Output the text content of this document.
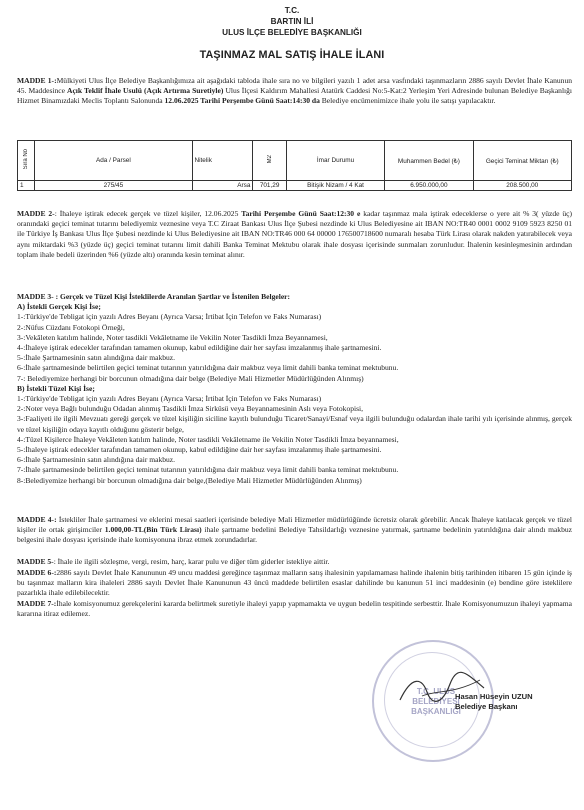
T.C.
BARTIN İLİ
ULUS İLÇE BELEDİYE BAŞKANLIĞI
TAŞINMAZ MAL SATIŞ İHALE İLANI

MADDE 1-:Mülkiyeti Ulus İlçe Belediye Başkanlığımıza ait aşağıdaki tabloda ihale sıra no ve bilgileri yazılı 1 adet arsa vasfındaki taşınmazların 2886 sayılı Devlet İhale Kanunun 45. Maddesince Açık Teklif İhale Usulü (Açık Artırma Suretiyle) Ulus İlçesi Kaldırım Mahallesi Atatürk Caddesi No:5-Kat:2 Yerleşim Yeri Adresinde bulunan Belediye Başkanlığı Hizmet Binamızdaki Meclis Toplantı Salonunda 12.06.2025 Tarihi Perşembe Günü Saat:14:30 da Belediye encümenimizce ihale yolu ile satışı yapılacaktır.

Sıra No	Ada / Parsel	Nitelik	M2	İmar Durumu	Muhammen Bedel (₺)	Geçici Teminat Miktarı (₺)
1	275/45	Arsa	701,29	Bitişik Nizam / 4 Kat	6.950.000,00	208.500,00

MADDE 2-: İhaleye iştirak edecek gerçek ve tüzel kişiler, 12.06.2025 Tarihi Perşembe Günü Saat:12:30 e kadar taşınmaz mala iştirak edeceklerse o yere ait % 3( yüzde üç) oranındaki geçici teminat tutarını belediyemiz veznesine veya T.C Ziraat Bankası Ulus İlçe Şubesi nezdinde ki Ulus Belediyesine ait IBAN NO:TR40 0001 0002 9109 5923 8250 01 ile Türkiye İş Bankası Ulus İlçe Şubesi nezdinde ki Ulus Belediyesine ait IBAN NO:TR46 000 64 00000 176500718600 numaralı hesaba Türk Lirası olarak nakden yatırabilecek veya aynı miktardaki %3 (yüzde üç) geçici teminat tutarını limit dahili Banka Teminat Mektubu olarak ihale dosyası içerisinde sunmaları zorunludur. İhalenin kesinleşmesinin ardından toplam ihale bedeli üzerinden %6 (yüzde altı) oranında kesin teminat alınır.

MADDE 3- : Gerçek ve Tüzel Kişi İsteklilerde Aranılan Şartlar ve İstenilen Belgeler:

A) İstekli Gerçek Kişi İse;

1-:Türkiye'de Tebligat için yazılı Adres Beyanı (Ayrıca Varsa; İrtibat İçin Telefon ve Faks Numarası)

2-:Nüfus Cüzdanı Fotokopi Örneği,

3-:Vekâleten katılım halinde, Noter tasdikli Vekâletname ile Vekilin Noter Tasdikli İmza Beyannamesi,

4-:İhaleye iştirak edecekler tarafından tamamen okunup, kabul edildiğine dair her sayfası imzalanmış ihale şartnamesini.

5-:İhale Şartnamesinin satın alındığına dair makbuz.

6-:İhale şartnamesinde belirtilen geçici teminat tutarının yatırıldığına dair makbuz veya limit dahili banka teminat mektubunu.

7-: Belediyemize herhangi bir borcunun olmadığına dair belge (Belediye Mali Hizmetler Müdürlüğünden Alınmış)

B) İstekli Tüzel Kişi İse;

1-:Türkiye'de Tebligat için yazılı Adres Beyanı (Ayrıca Varsa; İrtibat İçin Telefon ve Faks Numarası)

2-:Noter veya Bağlı bulunduğu Odadan alınmış Tasdikli İmza Sirküsü veya Beyannamesinin Aslı veya Fotokopisi,

3-:Faaliyeti ile ilgili Mevzuatı gereği gerçek ve tüzel kişiliğin siciline kayıtlı bulunduğu Ticaret/Sanayi/Esnaf veya ilgili bulunduğu odalardan ihale tarihi yılı içerisinde alınmış, gerçek ve tüzel kişiliğin odaya kayıtlı olduğunu gösterir belge,

4-:Tüzel Kişilerce İhaleye Vekâleten katılım halinde, Noter tasdikli Vekâletname ile Vekilin Noter Tasdikli İmza beyannamesi,

5-:İhaleye iştirak edecekler tarafından tamamen okunup, kabul edildiğine dair her sayfası imzalanmış ihale şartnamesini.

6-:İhale Şartnamesinin satın alındığına dair makbuz.

7-:İhale şartnamesinde belirtilen geçici teminat tutarının yatırıldığına dair makbuz veya limit dahili banka teminat mektubunu.

8-:Belediyemize herhangi bir borcunun olmadığına dair belge,(Belediye Mali Hizmetler Müdürlüğünden Alınmış)

MADDE 4-: İstekliler İhale şartnamesi ve eklerini mesai saatleri içerisinde belediye Mali Hizmetler müdürlüğünde ücretsiz olarak görebilir. Ancak İhaleye katılacak gerçek ve tüzel kişiler ile ortak girişimciler 1.000,00-TL(Bin Türk Lirası) ihale şartname bedelini Belediye Tahsildarlığı veznesine yatırmak, şartname bedelinin yatırıldığına dair alındı makbuz belgesini ihale dosyası içerisinde ihale komisyonuna ibraz etmek zorundadırlar.

MADDE 5-: İhale ile ilgili sözleşme, vergi, resim, harç, karar pulu ve diğer tüm giderler istekliye aittir.

MADDE 6-:2886 sayılı Devlet İhale Kanununun 49 uncu maddesi gereğince taşınmaz malların satış ihalesinin yapılamaması halinde ihalenin bitiş tarihinden itibaren 15 gün içinde iş bu taşınmaz malların kira ihaleleri 2886 sayılı Devlet İhale Kanununun 43 üncü maddede belirtilen esaslar dahilinde bu kanunun 51 inci maddesinin (e) bendine göre isteklilere pazarlıkla ihale edilebilecektir.

MADDE 7-:İhale komisyonumuz gerekçelerini kararda belirtmek suretiyle ihaleyi yapıp yapmamakta ve uygun bedelin tespitinde serbesttir. İhale Komisyonumuzun ihaleyi yapmama kararına itiraz edilemez.

T.C. ULUS BELEDİYESİ BAŞKANLIĞI
Hasan Hüseyin UZUN
Belediye Başkanı
